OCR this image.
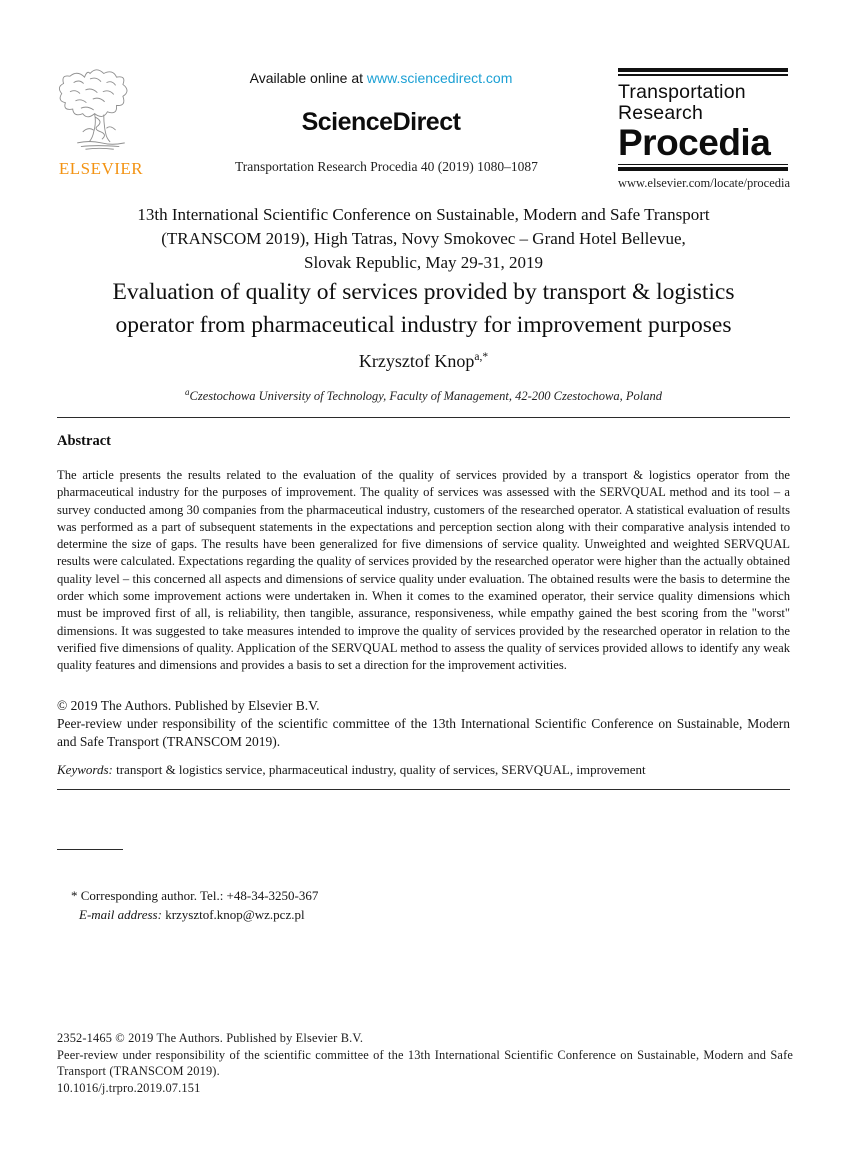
ELSEVIER
Available online at www.sciencedirect.com
ScienceDirect
Transportation Research Procedia 40 (2019) 1080–1087
Transportation
Research
Procedia
www.elsevier.com/locate/procedia
13th International Scientific Conference on Sustainable, Modern and Safe Transport
(TRANSCOM 2019), High Tatras, Novy Smokovec – Grand Hotel Bellevue,
Slovak Republic, May 29-31, 2019
Evaluation of quality of services provided by transport & logistics
operator from pharmaceutical industry for improvement purposes
Krzysztof Knop$^{a,*}$
$^a$Czestochowa University of Technology, Faculty of Management, 42-200 Czestochowa, Poland
Abstract
The article presents the results related to the evaluation of the quality of services provided by a transport & logistics operator from the pharmaceutical industry for the purposes of improvement. The quality of services was assessed with the SERVQUAL method and its tool – a survey conducted among 30 companies from the pharmaceutical industry, customers of the researched operator. A statistical evaluation of results was performed as a part of subsequent statements in the expectations and perception section along with their comparative analysis intended to determine the size of gaps. The results have been generalized for five dimensions of service quality. Unweighted and weighted SERVQUAL results were calculated. Expectations regarding the quality of services provided by the researched operator were higher than the actually obtained quality level – this concerned all aspects and dimensions of service quality under evaluation. The obtained results were the basis to determine the order which some improvement actions were undertaken in. When it comes to the examined operator, their service quality dimensions which must be improved first of all, is reliability, then tangible, assurance, responsiveness, while empathy gained the best scoring from the "worst" dimensions. It was suggested to take measures intended to improve the quality of services provided by the researched operator in relation to the verified five dimensions of quality. Application of the SERVQUAL method to assess the quality of services provided allows to identify any weak quality features and dimensions and provides a basis to set a direction for the improvement activities.
© 2019 The Authors. Published by Elsevier B.V.
Peer-review under responsibility of the scientific committee of the 13th International Scientific Conference on Sustainable, Modern and Safe Transport (TRANSCOM 2019).
Keywords: transport & logistics service, pharmaceutical industry, quality of services, SERVQUAL, improvement
* Corresponding author. Tel.: +48-34-3250-367
E-mail address: krzysztof.knop@wz.pcz.pl
2352-1465 © 2019 The Authors. Published by Elsevier B.V.
Peer-review under responsibility of the scientific committee of the 13th International Scientific Conference on Sustainable, Modern and Safe Transport (TRANSCOM 2019).
10.1016/j.trpro.2019.07.151
